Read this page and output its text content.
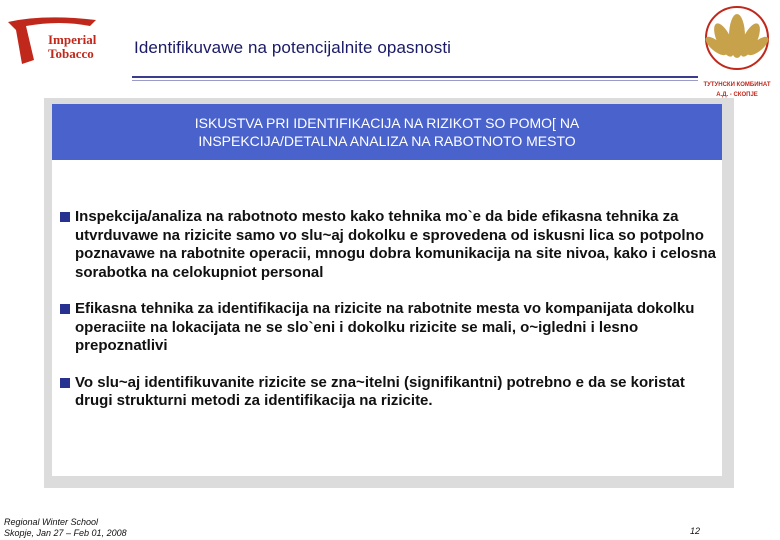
Imperial
Tobacco
ТУТУНСКИ КОМБИНАТ
А.Д. - СКОПЈЕ
Identifikuvawe na potencijalnite opasnosti
ISKUSTVA PRI IDENTIFIKACIJA NA RIZIKOT SO POMO[ NA INSPEKCIJA/DETALNA ANALIZA NA RABOTNOTO MESTO
Inspekcija/analiza na rabotnoto mesto kako tehnika mo`e da bide efikasna tehnika za utvrduvawe na rizicite samo vo slu~aj dokolku e sprovedena od iskusni lica so potpolno poznavawe na rabotnite operacii, mnogu dobra komunikacija na site nivoa, kako i celosna sorabotka na celokupniot personal
Efikasna tehnika za identifikacija na rizicite na rabotnite mesta vo kompanijata dokolku operaciite na lokacijata ne se slo`eni i dokolku rizicite se mali, o~igledni i lesno prepoznatlivi
Vo slu~aj identifikuvanite rizicite se zna~itelni (signifikantni) potrebno e da se koristat drugi strukturni metodi za identifikacija na rizicite.
Regional Winter School
Skopje, Jan 27 – Feb 01, 2008	12
